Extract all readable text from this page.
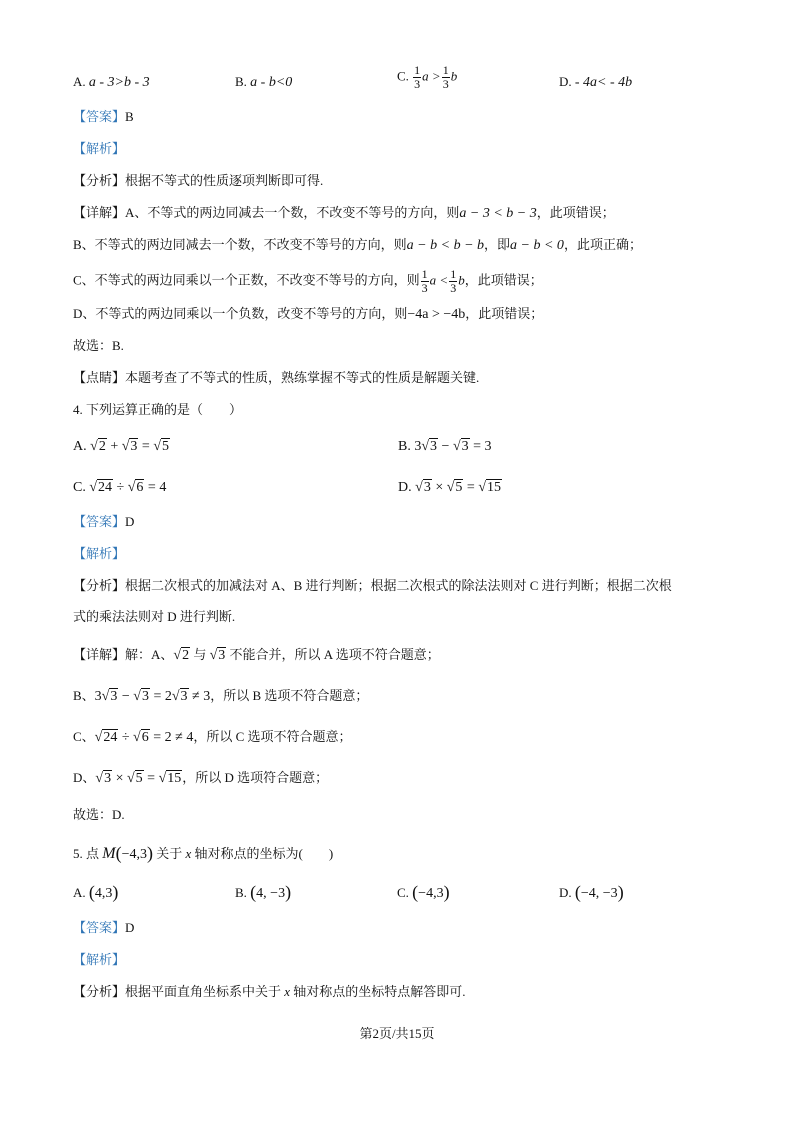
A. a - 3>b - 3	B. a - b<0	C. $\frac{1}{3}$ $a > \frac{1}{3}$ b	D. - 4a< - 4b
【答案】B
【解析】
【分析】根据不等式的性质逐项判断即可得.
【详解】A、不等式的两边同减去一个数，不改变不等号的方向，则a − 3 < b − 3，此项错误；
B、不等式的两边同减去一个数，不改变不等号的方向，则a − b < b − b，即a − b < 0，此项正确；
C、不等式的两边同乘以一个正数，不改变不等号的方向，则 $\frac{1}{3}$ $a < \frac{1}{3}$ b，此项错误；
D、不等式的两边同乘以一个负数，改变不等号的方向，则−4a > −4b，此项错误；
故选：B.
【点睛】本题考查了不等式的性质，熟练掌握不等式的性质是解题关键.
4. 下列运算正确的是（　　）
A. √2 + √3 = √5	B. 3√3 − √3 = 3
C. √24 ÷ √6 = 4	D. √3 × √5 = √15
【答案】D
【解析】
【分析】根据二次根式的加减法对 A、B 进行判断；根据二次根式的除法法则对 C 进行判断；根据二次根
式的乘法法则对 D 进行判断.
【详解】解：A、√2 与 √3 不能合并，所以 A 选项不符合题意；
B、3√3 − √3 = 2√3 ≠ 3，所以 B 选项不符合题意；
C、√24 ÷ √6 = 2 ≠ 4，所以 C 选项不符合题意；
D、√3 × √5 = √15，所以 D 选项符合题意；
故选：D.
5. 点 M(−4,3) 关于 x 轴对称点的坐标为(　　)
A. (4,3)	B. (4, −3)	C. (−4,3)	D. (−4, −3)
【答案】D
【解析】
【分析】根据平面直角坐标系中关于 x 轴对称点的坐标特点解答即可.
第2页/共15页
